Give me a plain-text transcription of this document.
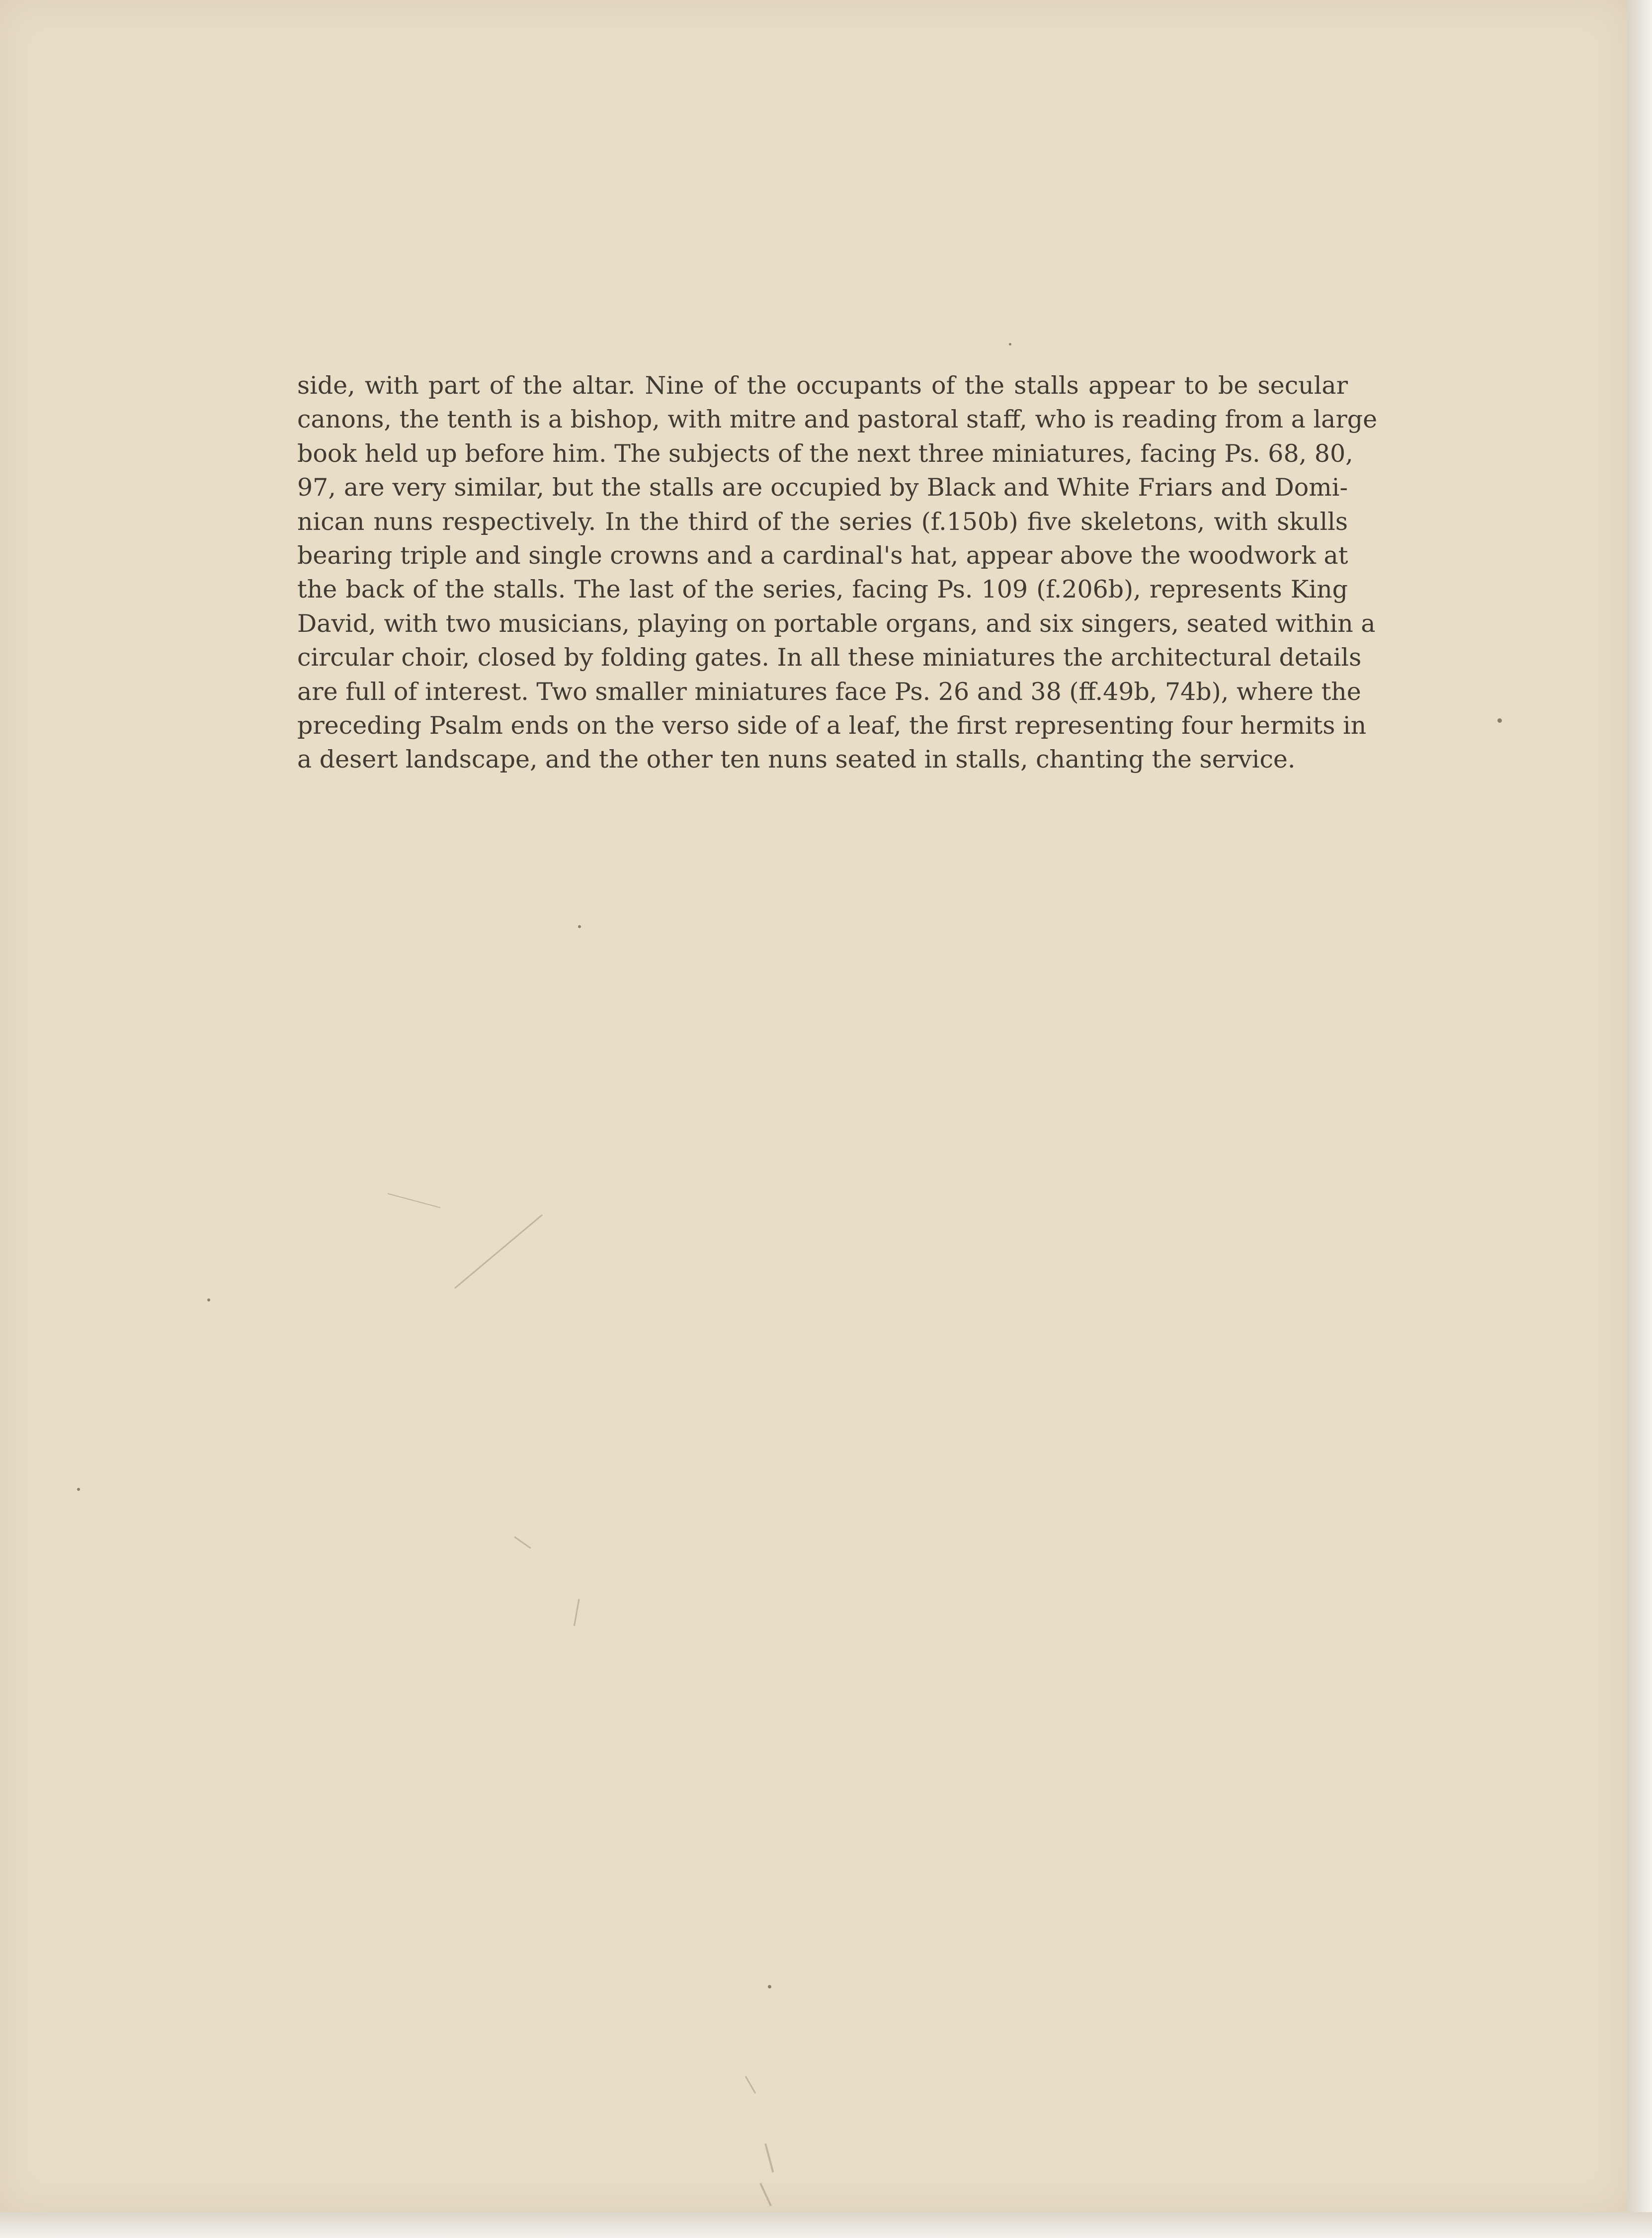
side, with part of the altar. Nine of the occupants of the stalls appear to be secular
canons, the tenth is a bishop, with mitre and pastoral staff, who is reading from a large
book held up before him. The subjects of the next three miniatures, facing Ps. 68, 80,
97, are very similar, but the stalls are occupied by Black and White Friars and Domi-
nican nuns respectively. In the third of the series (f.150b) five skeletons, with skulls
bearing triple and single crowns and a cardinal's hat, appear above the woodwork at
the back of the stalls. The last of the series, facing Ps. 109 (f.206b), represents King
David, with two musicians, playing on portable organs, and six singers, seated within a
circular choir, closed by folding gates. In all these miniatures the architectural details
are full of interest. Two smaller miniatures face Ps. 26 and 38 (ff.49b, 74b), where the
preceding Psalm ends on the verso side of a leaf, the first representing four hermits in
a desert landscape, and the other ten nuns seated in stalls, chanting the service.
